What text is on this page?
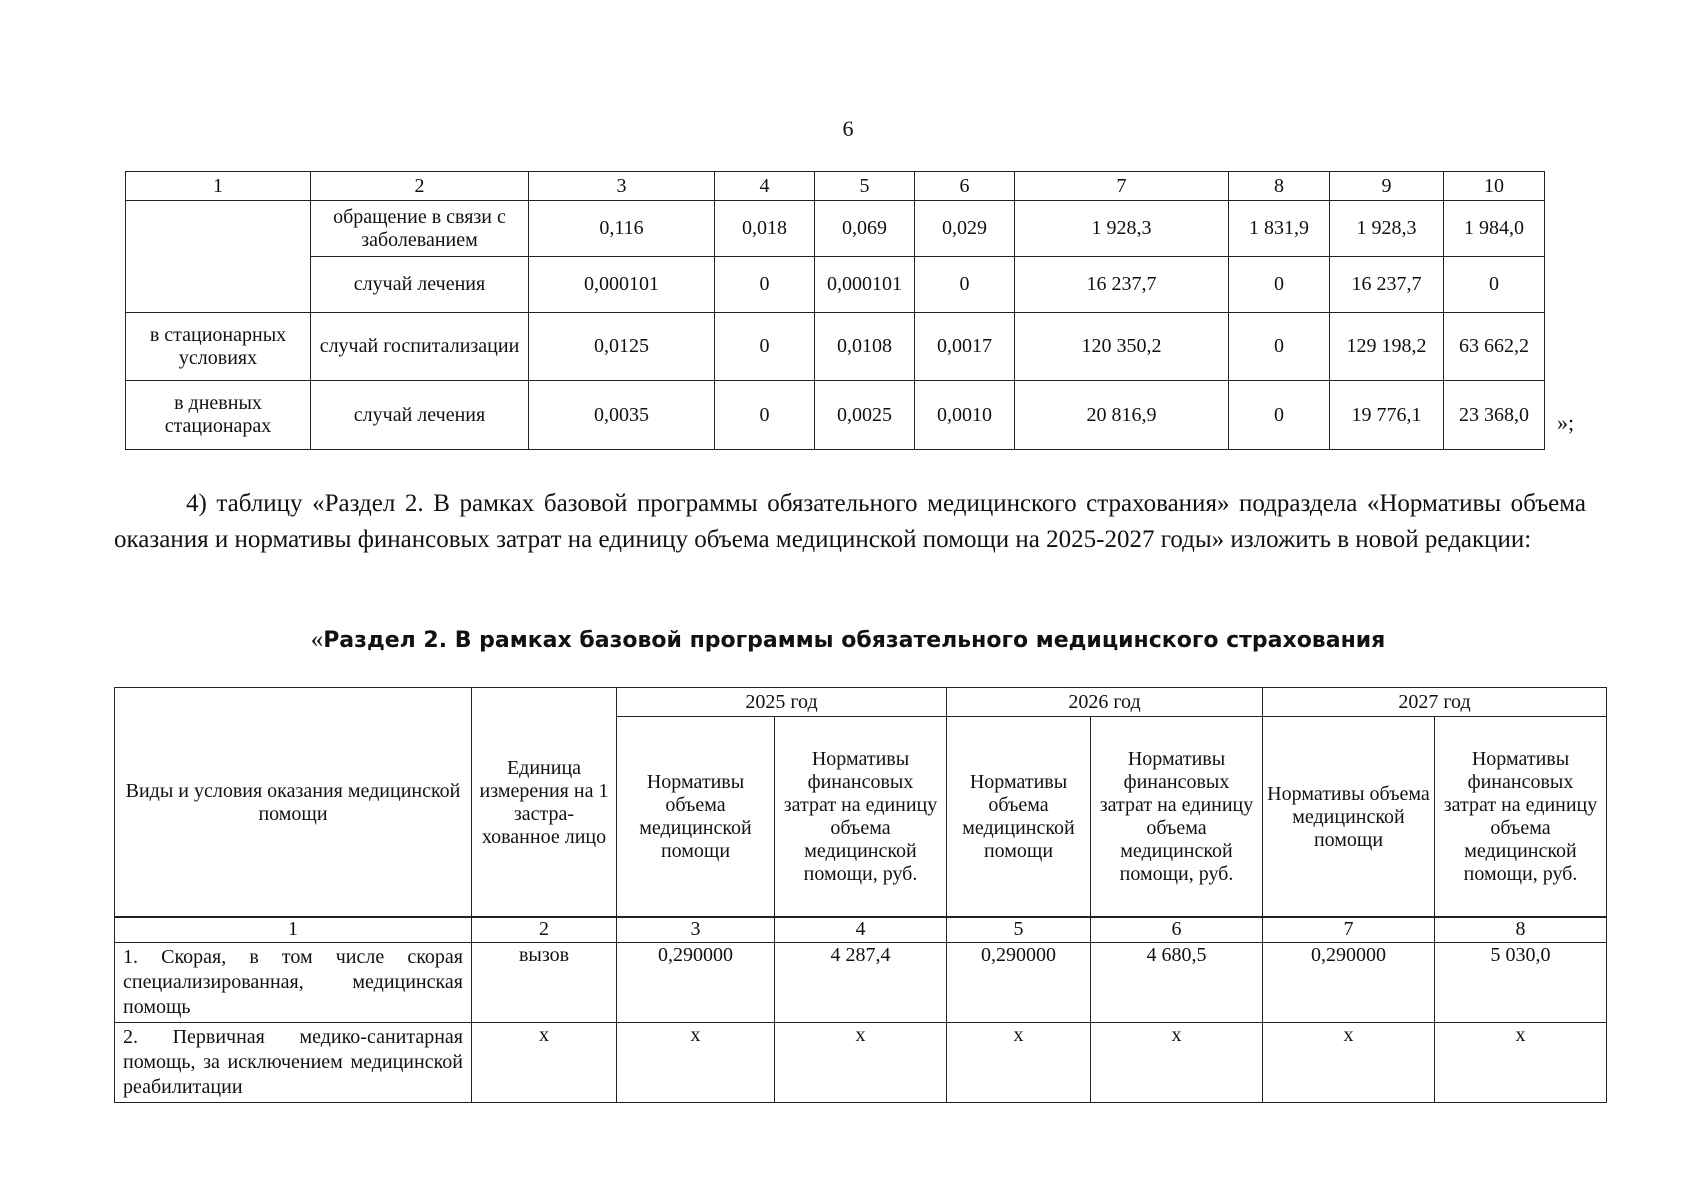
6
1	2	3	4	5	6	7	8	9	10
	обращение в связи с заболеванием	0,116	0,018	0,069	0,029	1 928,3	1 831,9	1 928,3	1 984,0
	случай лечения	0,000101	0	0,000101	0	16 237,7	0	16 237,7	0
в стационарных условиях	случай госпитализации	0,0125	0	0,0108	0,0017	120 350,2	0	129 198,2	63 662,2
в дневных стационарах	случай лечения	0,0035	0	0,0025	0,0010	20 816,9	0	19 776,1	23 368,0 »;

4) таблицу «Раздел 2. В рамках базовой программы обязательного медицинского страхования» подраздела «Нормативы объема оказания и нормативы финансовых затрат на единицу объема медицинской помощи на 2025-2027 годы» изложить в новой редакции:

«Раздел 2. В рамках базовой программы обязательного медицинского страхования
Виды и условия оказания медицинской помощи	Единица измерения на 1 застра-хованное лицо	2025 год		2026 год		2027 год	
		Нормативы объема медицинской помощи	Нормативы финансовых затрат на единицу объема медицинской помощи, руб.	Нормативы объема медицинской помощи	Нормативы финансовых затрат на единицу объема медицинской помощи, руб.	Нормативы объема медицинской помощи	Нормативы финансовых затрат на единицу объема медицинской помощи, руб.
1	2	3	4	5	6	7	8
1. Скорая, в том числе скорая специализированная, медицинская помощь	вызов	0,290000	4 287,4	0,290000	4 680,5	0,290000	5 030,0
2. Первичная медико-санитарная помощь, за исключением медицинской реабилитации	х	х	х	х	х	х	х
